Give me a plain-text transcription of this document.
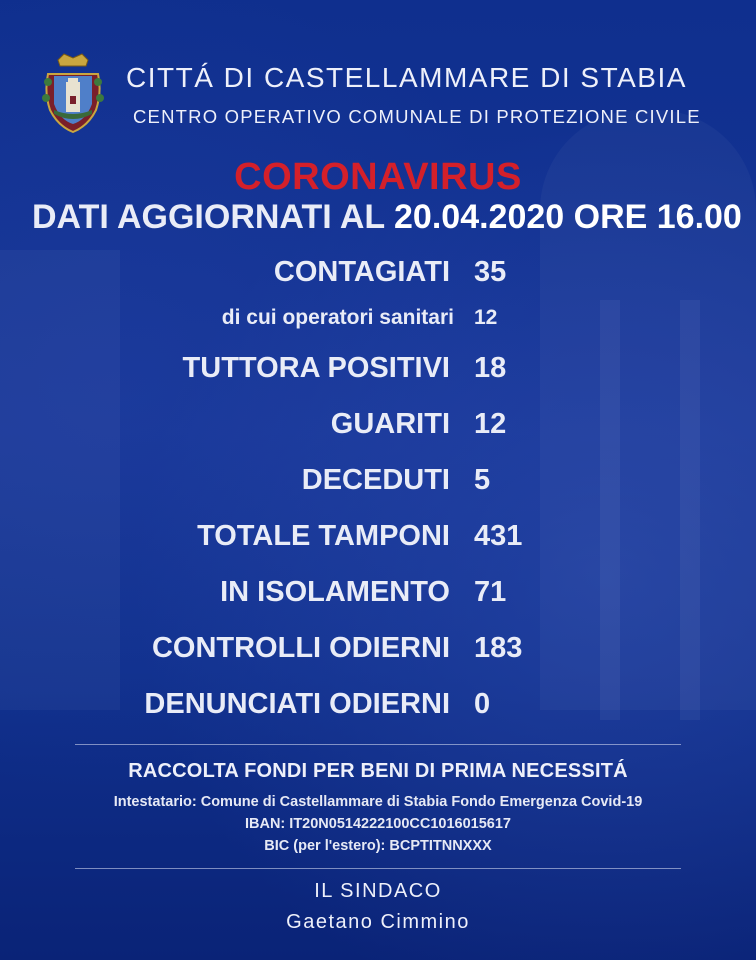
CITTÁ DI CASTELLAMMARE DI STABIA
CENTRO OPERATIVO COMUNALE DI PROTEZIONE CIVILE
CORONAVIRUS
DATI AGGIORNATI AL 20.04.2020 ORE 16.00
CONTAGIATI 35
di cui operatori sanitari 12
TUTTORA POSITIVI 18
GUARITI 12
DECEDUTI 5
TOTALE TAMPONI 431
IN ISOLAMENTO 71
CONTROLLI ODIERNI 183
DENUNCIATI ODIERNI 0
RACCOLTA FONDI PER BENI DI PRIMA NECESSITÁ
Intestatario: Comune di Castellammare di Stabia Fondo Emergenza Covid-19
IBAN: IT20N0514222100CC1016015617
BIC (per l'estero): BCPTITNNXXX
IL SINDACO
Gaetano Cimmino
